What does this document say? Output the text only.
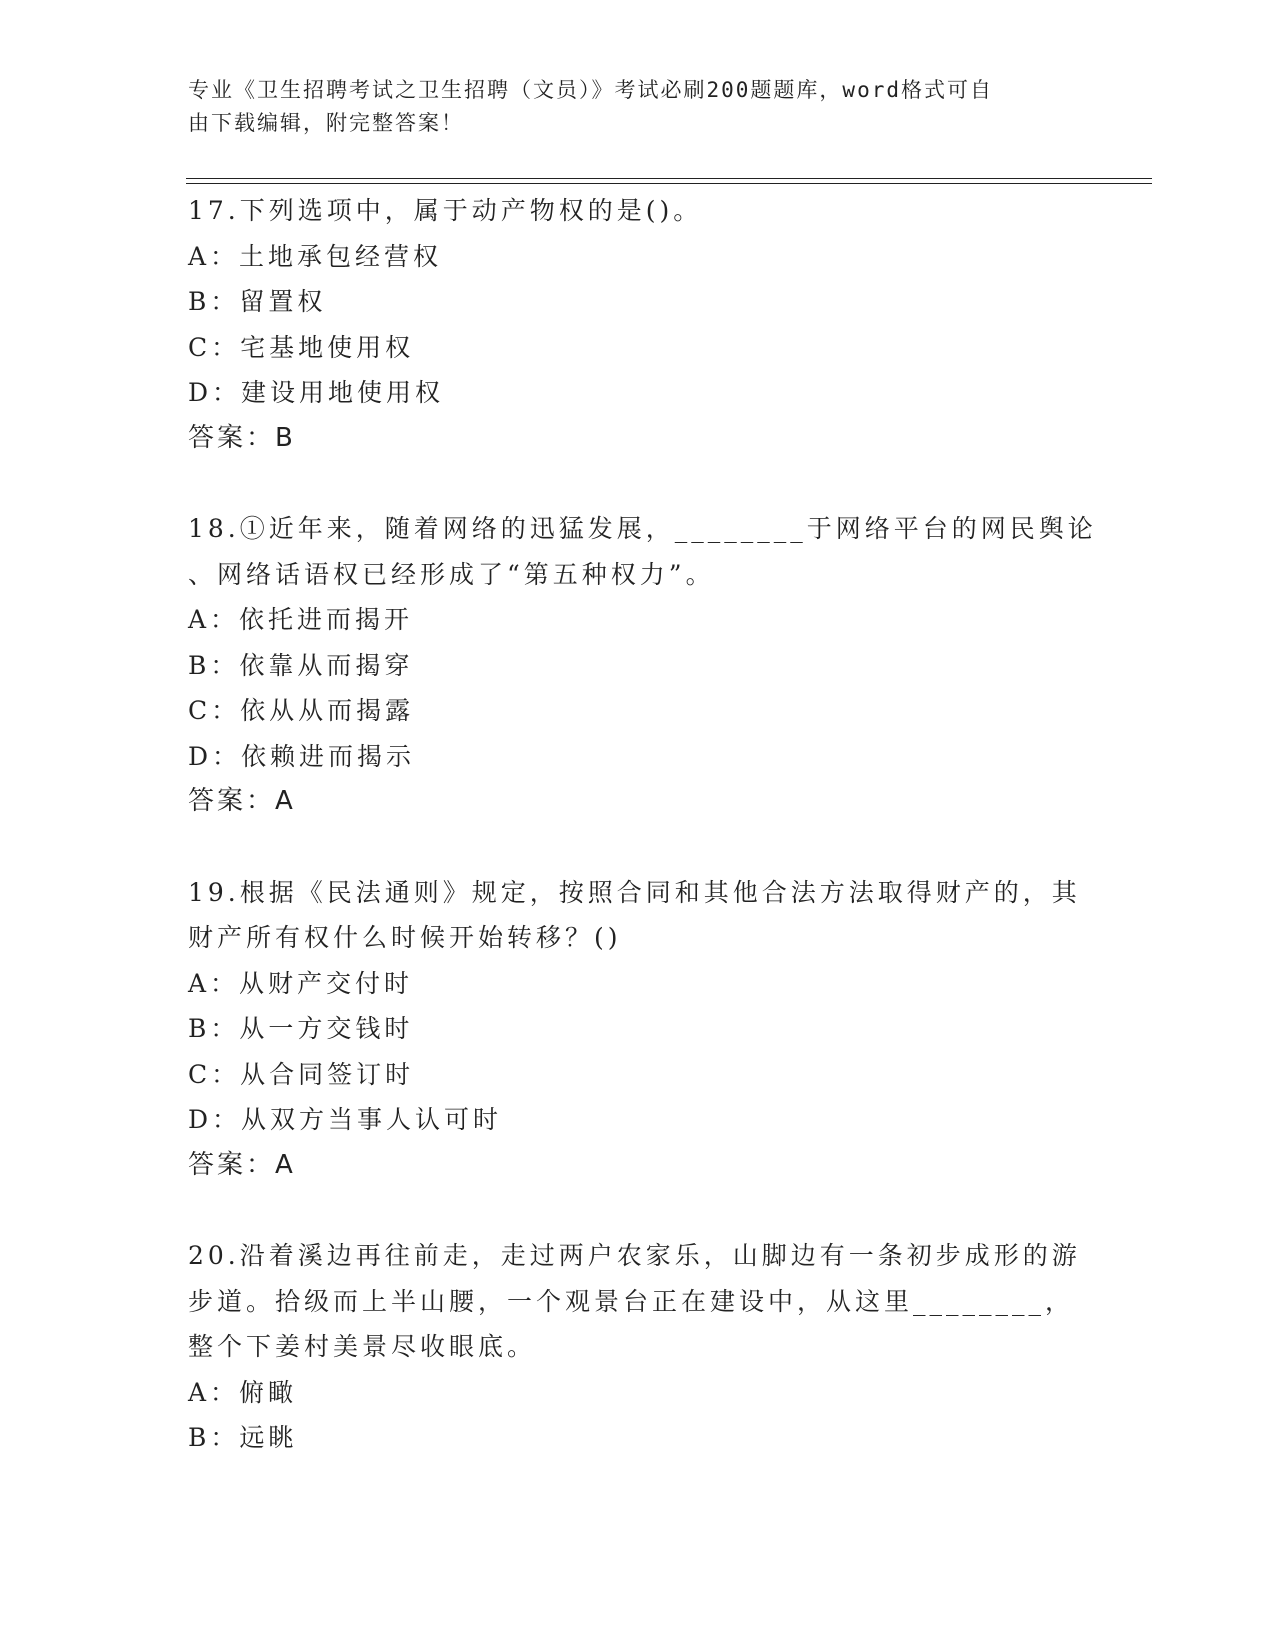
专业《卫生招聘考试之卫生招聘（文员）》考试必刷200题题库，word格式可自
由下载编辑，附完整答案！
17.下列选项中，属于动产物权的是()。
A：土地承包经营权
B：留置权
C：宅基地使用权
D：建设用地使用权
答案：B
18.①近年来，随着网络的迅猛发展，________于网络平台的网民舆论
、网络话语权已经形成了“第五种权力”。
A：依托进而揭开
B：依靠从而揭穿
C：依从从而揭露
D：依赖进而揭示
答案：A
19.根据《民法通则》规定，按照合同和其他合法方法取得财产的，其
财产所有权什么时候开始转移？()
A：从财产交付时
B：从一方交钱时
C：从合同签订时
D：从双方当事人认可时
答案：A
20.沿着溪边再往前走，走过两户农家乐，山脚边有一条初步成形的游
步道。拾级而上半山腰，一个观景台正在建设中，从这里________，
整个下姜村美景尽收眼底。
A：俯瞰
B：远眺
